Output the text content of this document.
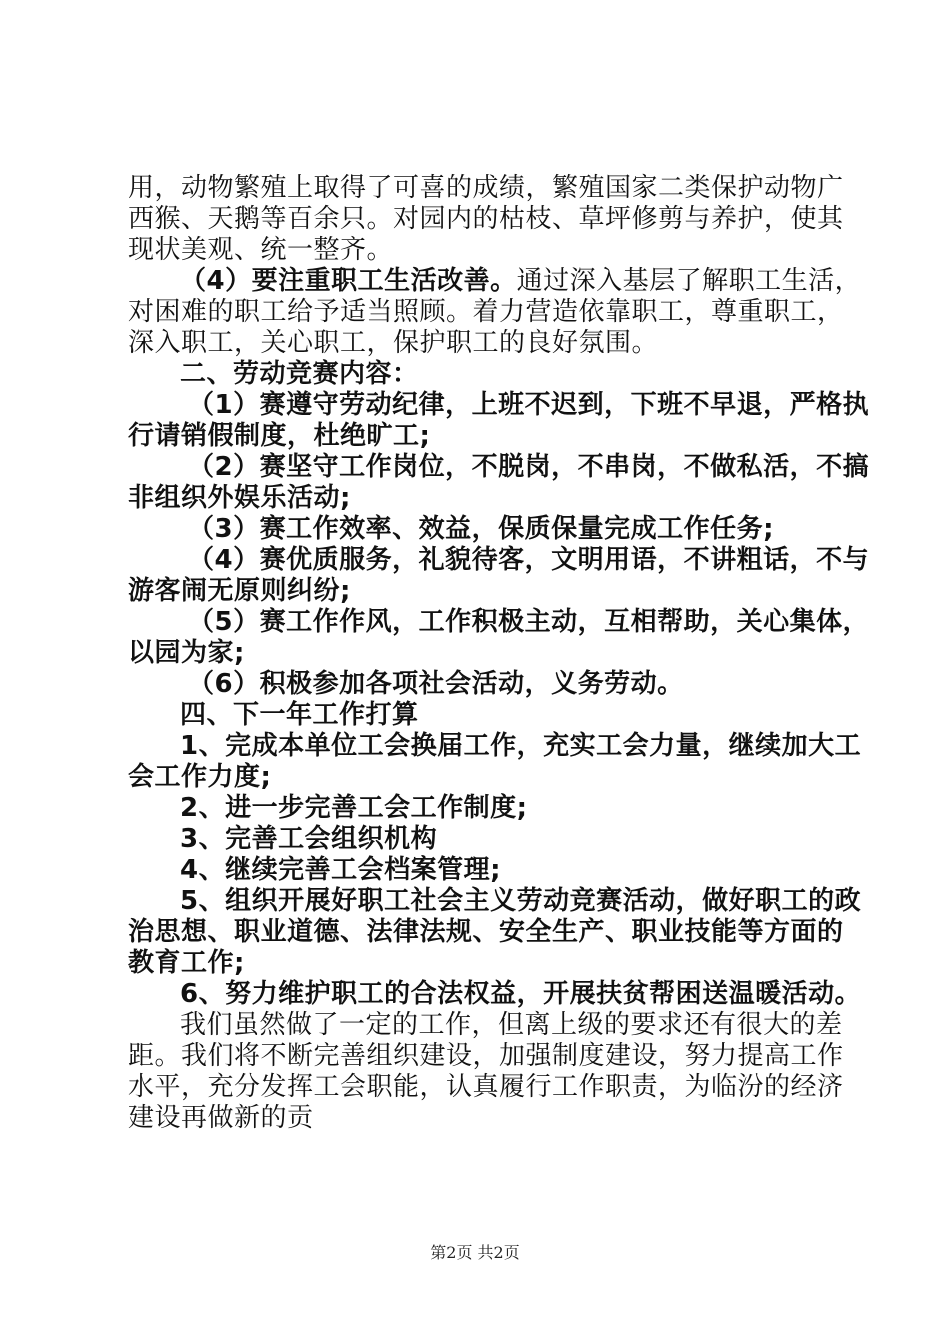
用，动物繁殖上取得了可喜的成绩，繁殖国家二类保护动物广
西猴、天鹅等百余只。对园内的枯枝、草坪修剪与养护，使其
现状美观、统一整齐。
（4）要注重职工生活改善。通过深入基层了解职工生活，
对困难的职工给予适当照顾。着力营造依靠职工，尊重职工，
深入职工，关心职工，保护职工的良好氛围。
二、劳动竞赛内容：
（1）赛遵守劳动纪律，上班不迟到，下班不早退，严格执
行请销假制度，杜绝旷工;
（2）赛坚守工作岗位，不脱岗，不串岗，不做私活，不搞
非组织外娱乐活动;
（3）赛工作效率、效益，保质保量完成工作任务;
（4）赛优质服务，礼貌待客，文明用语，不讲粗话，不与
游客闹无原则纠纷;
（5）赛工作作风，工作积极主动，互相帮助，关心集体，
以园为家;
（6）积极参加各项社会活动，义务劳动。
四、下一年工作打算
1、完成本单位工会换届工作，充实工会力量，继续加大工
会工作力度;
2、进一步完善工会工作制度;
3、完善工会组织机构
4、继续完善工会档案管理;
5、组织开展好职工社会主义劳动竞赛活动，做好职工的政
治思想、职业道德、法律法规、安全生产、职业技能等方面的
教育工作;
6、努力维护职工的合法权益，开展扶贫帮困送温暖活动。
我们虽然做了一定的工作，但离上级的要求还有很大的差
距。我们将不断完善组织建设，加强制度建设，努力提高工作
水平，充分发挥工会职能，认真履行工作职责，为临汾的经济
建设再做新的贡
第2页 共2页
